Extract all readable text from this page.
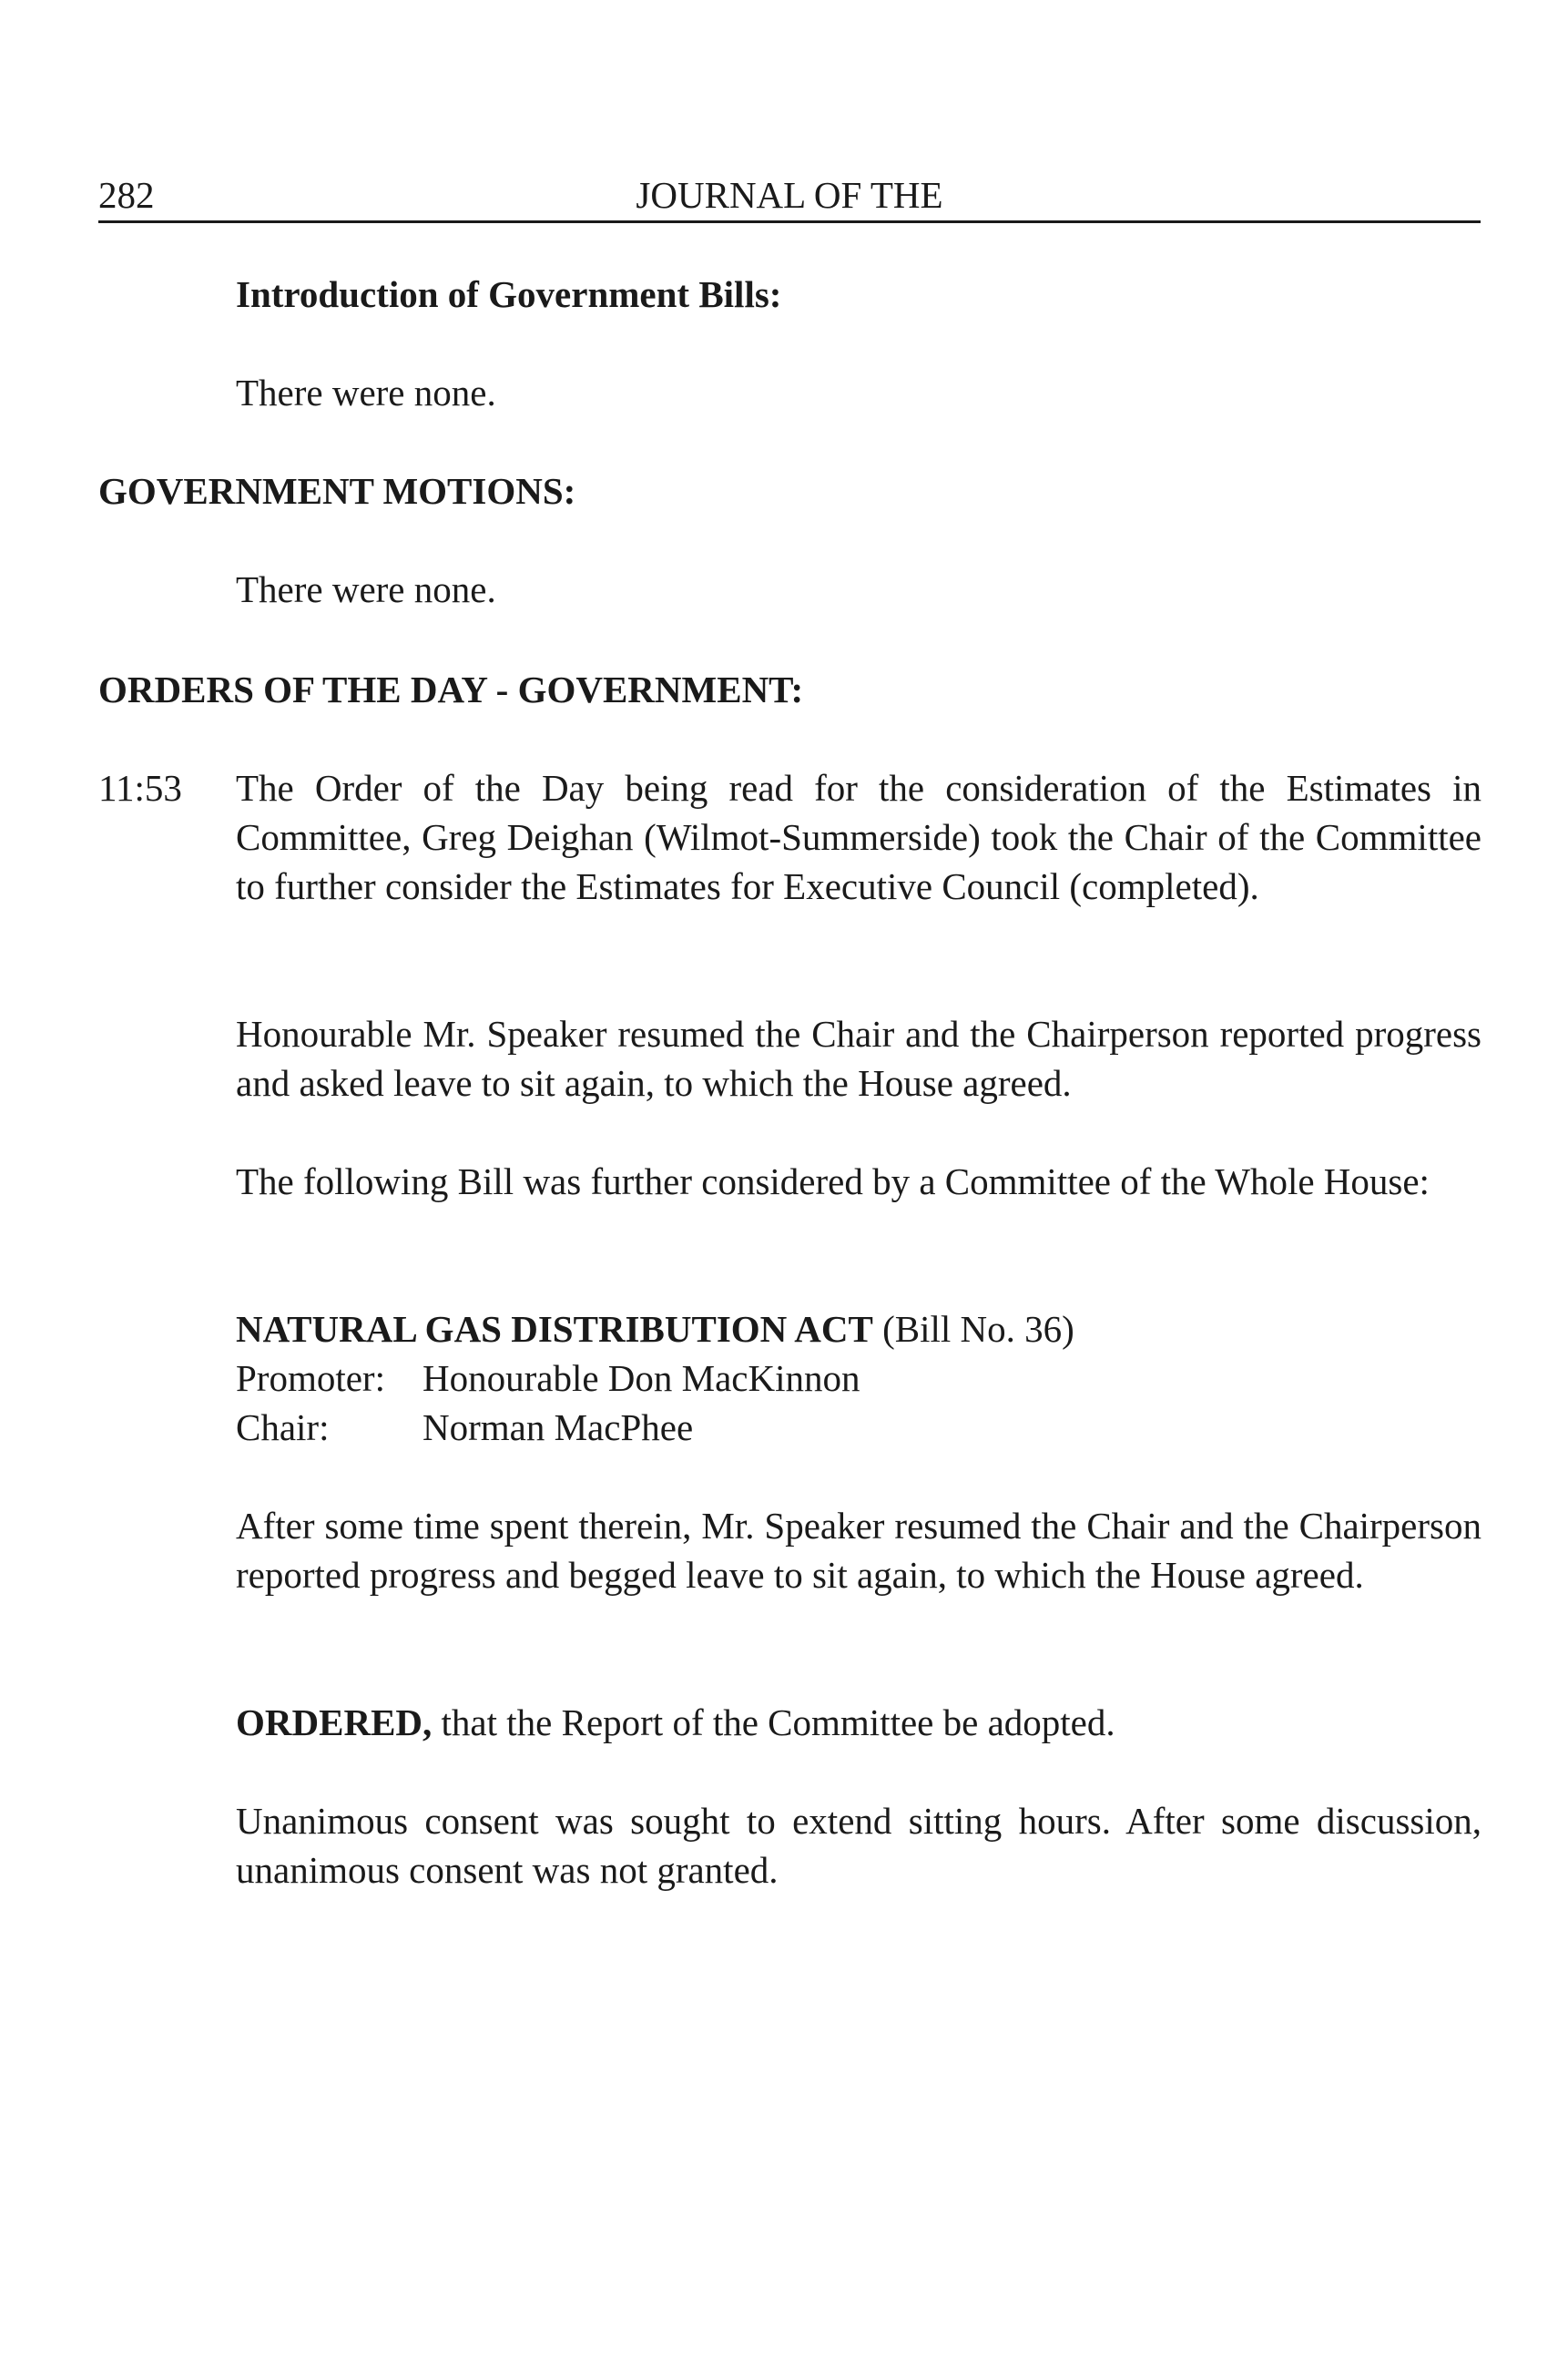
282	JOURNAL OF THE
Introduction of Government Bills:
There were none.
GOVERNMENT MOTIONS:
There were none.
ORDERS OF THE DAY - GOVERNMENT:
11:53 The Order of the Day being read for the consideration of the Estimates in Committee, Greg Deighan (Wilmot-Summerside) took the Chair of the Committee to further consider the Estimates for Executive Council (completed).
Honourable Mr. Speaker resumed the Chair and the Chairperson reported progress and asked leave to sit again, to which the House agreed.
The following Bill was further considered by a Committee of the Whole House:
NATURAL GAS DISTRIBUTION ACT (Bill No. 36)
Promoter: Honourable Don MacKinnon
Chair:	Norman MacPhee
After some time spent therein, Mr. Speaker resumed the Chair and the Chairperson reported progress and begged leave to sit again, to which the House agreed.
ORDERED, that the Report of the Committee be adopted.
Unanimous consent was sought to extend sitting hours. After some discussion, unanimous consent was not granted.
